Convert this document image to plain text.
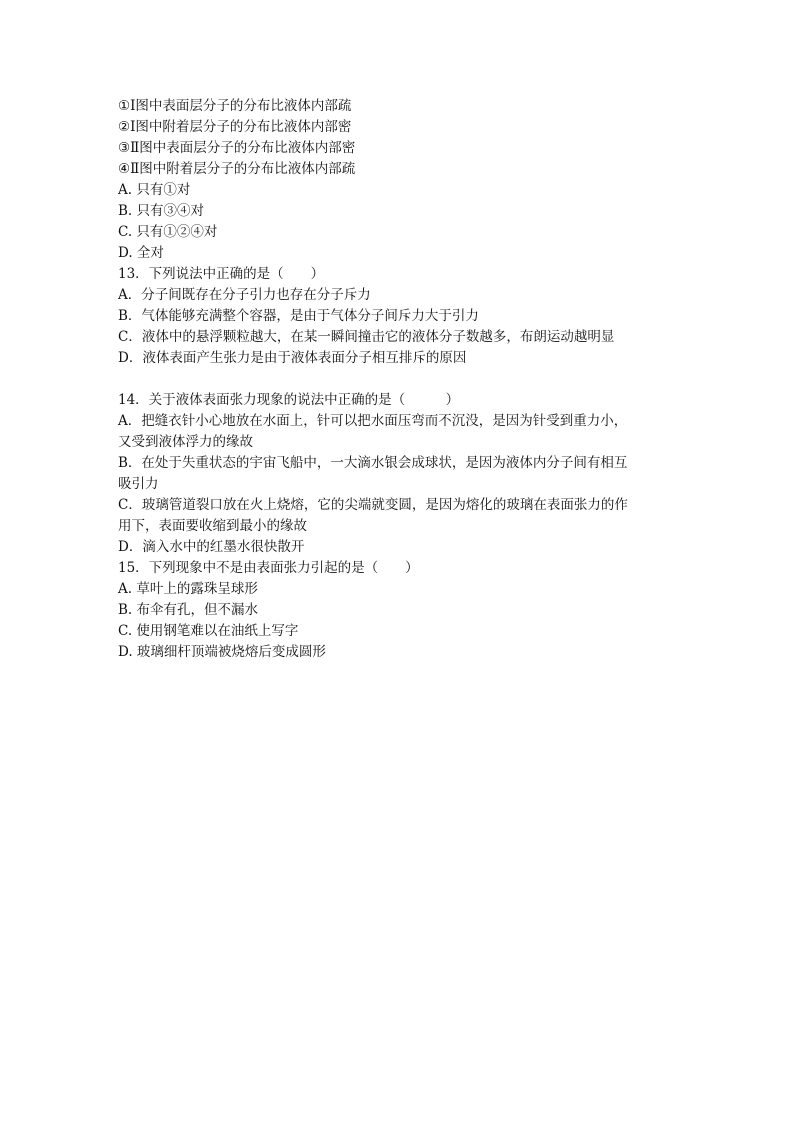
①Ⅰ图中表面层分子的分布比液体内部疏
②Ⅰ图中附着层分子的分布比液体内部密
③Ⅱ图中表面层分子的分布比液体内部密
④Ⅱ图中附着层分子的分布比液体内部疏
A. 只有①对
B. 只有③④对
C. 只有①②④对
D. 全对
13．下列说法中正确的是（　　）
A．分子间既存在分子引力也存在分子斥力
B．气体能够充满整个容器，是由于气体分子间斥力大于引力
C．液体中的悬浮颗粒越大，在某一瞬间撞击它的液体分子数越多，布朗运动越明显
D．液体表面产生张力是由于液体表面分子相互排斥的原因
14．关于液体表面张力现象的说法中正确的是（　　　）
A．把缝衣针小心地放在水面上，针可以把水面压弯而不沉没，是因为针受到重力小，
又受到液体浮力的缘故
B．在处于失重状态的宇宙飞船中，一大滴水银会成球状，是因为液体内分子间有相互
吸引力
C．玻璃管道裂口放在火上烧熔，它的尖端就变圆，是因为熔化的玻璃在表面张力的作
用下，表面要收缩到最小的缘故
D．滴入水中的红墨水很快散开
15．下列现象中不是由表面张力引起的是（　　）
A. 草叶上的露珠呈球形
B. 布伞有孔，但不漏水
C. 使用钢笔难以在油纸上写字
D. 玻璃细杆顶端被烧熔后变成圆形
